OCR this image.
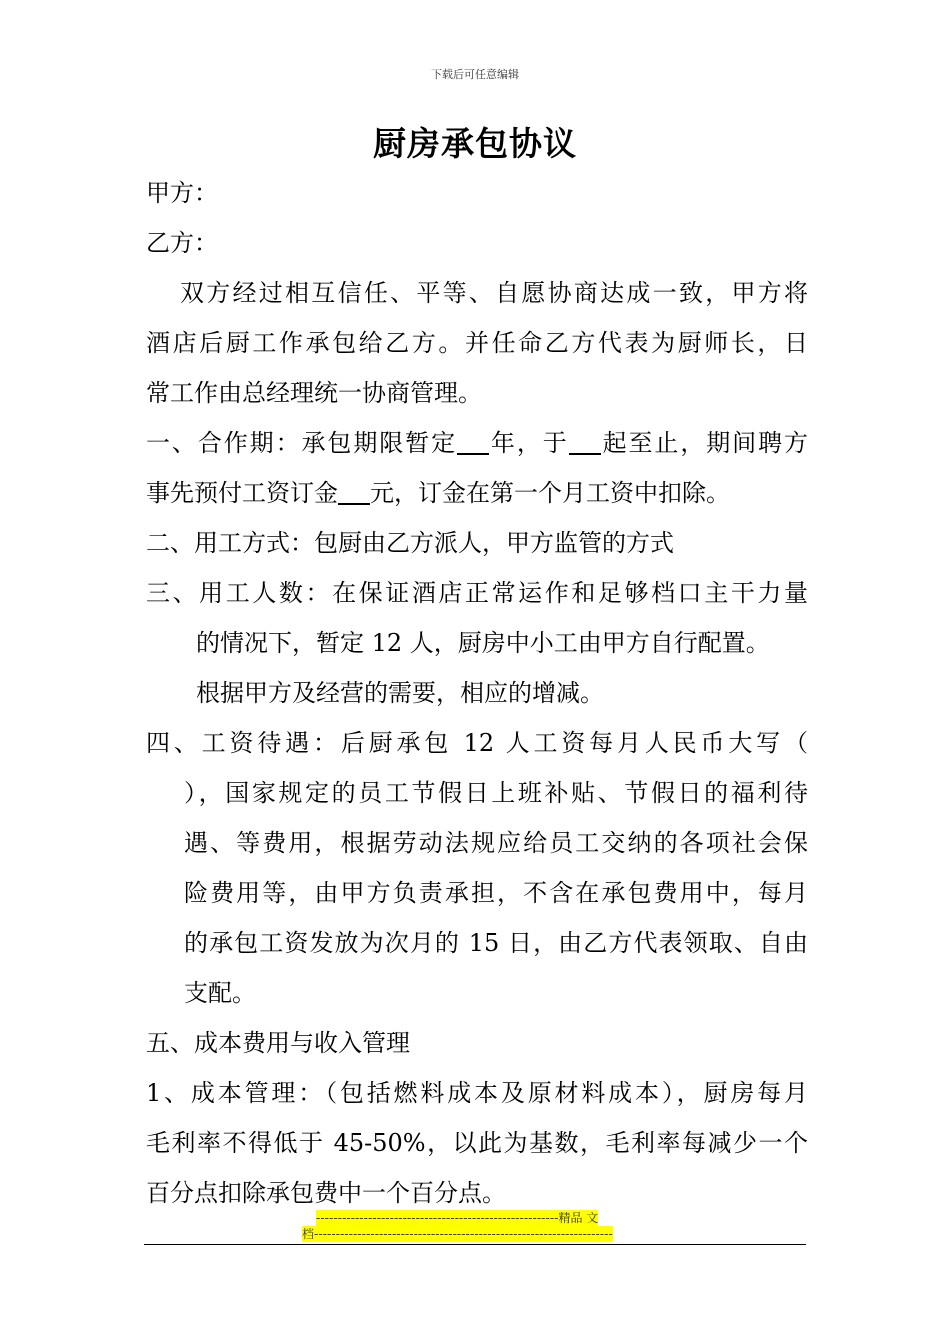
下载后可任意编辑
厨房承包协议
甲方：
乙方：
双方经过相互信任、平等、自愿协商达成一致，甲方将
酒店后厨工作承包给乙方。并任命乙方代表为厨师长，日
常工作由总经理统一协商管理。
一、合作期：承包期限暂定 年，于 起至止，期间聘方
事先预付工资订金 元，订金在第一个月工资中扣除。
二、用工方式：包厨由乙方派人，甲方监管的方式
三、用工人数：在保证酒店正常运作和足够档口主干力量
的情况下，暂定 12 人，厨房中小工由甲方自行配置。
根据甲方及经营的需要，相应的增减。
四、工资待遇：后厨承包 12 人工资每月人民币大写（
），国家规定的员工节假日上班补贴、节假日的福利待
遇、等费用，根据劳动法规应给员工交纳的各项社会保
险费用等，由甲方负责承担，不含在承包费用中，每月
的承包工资发放为次月的 15 日，由乙方代表领取、自由
支配。
五、成本费用与收入管理
1、成本管理：（包括燃料成本及原材料成本），厨房每月
毛利率不得低于 45-50%，以此为基数，毛利率每减少一个
百分点扣除承包费中一个百分点。
--------------------------------------------------------精品 文
档---------------------------------------------------------------------
